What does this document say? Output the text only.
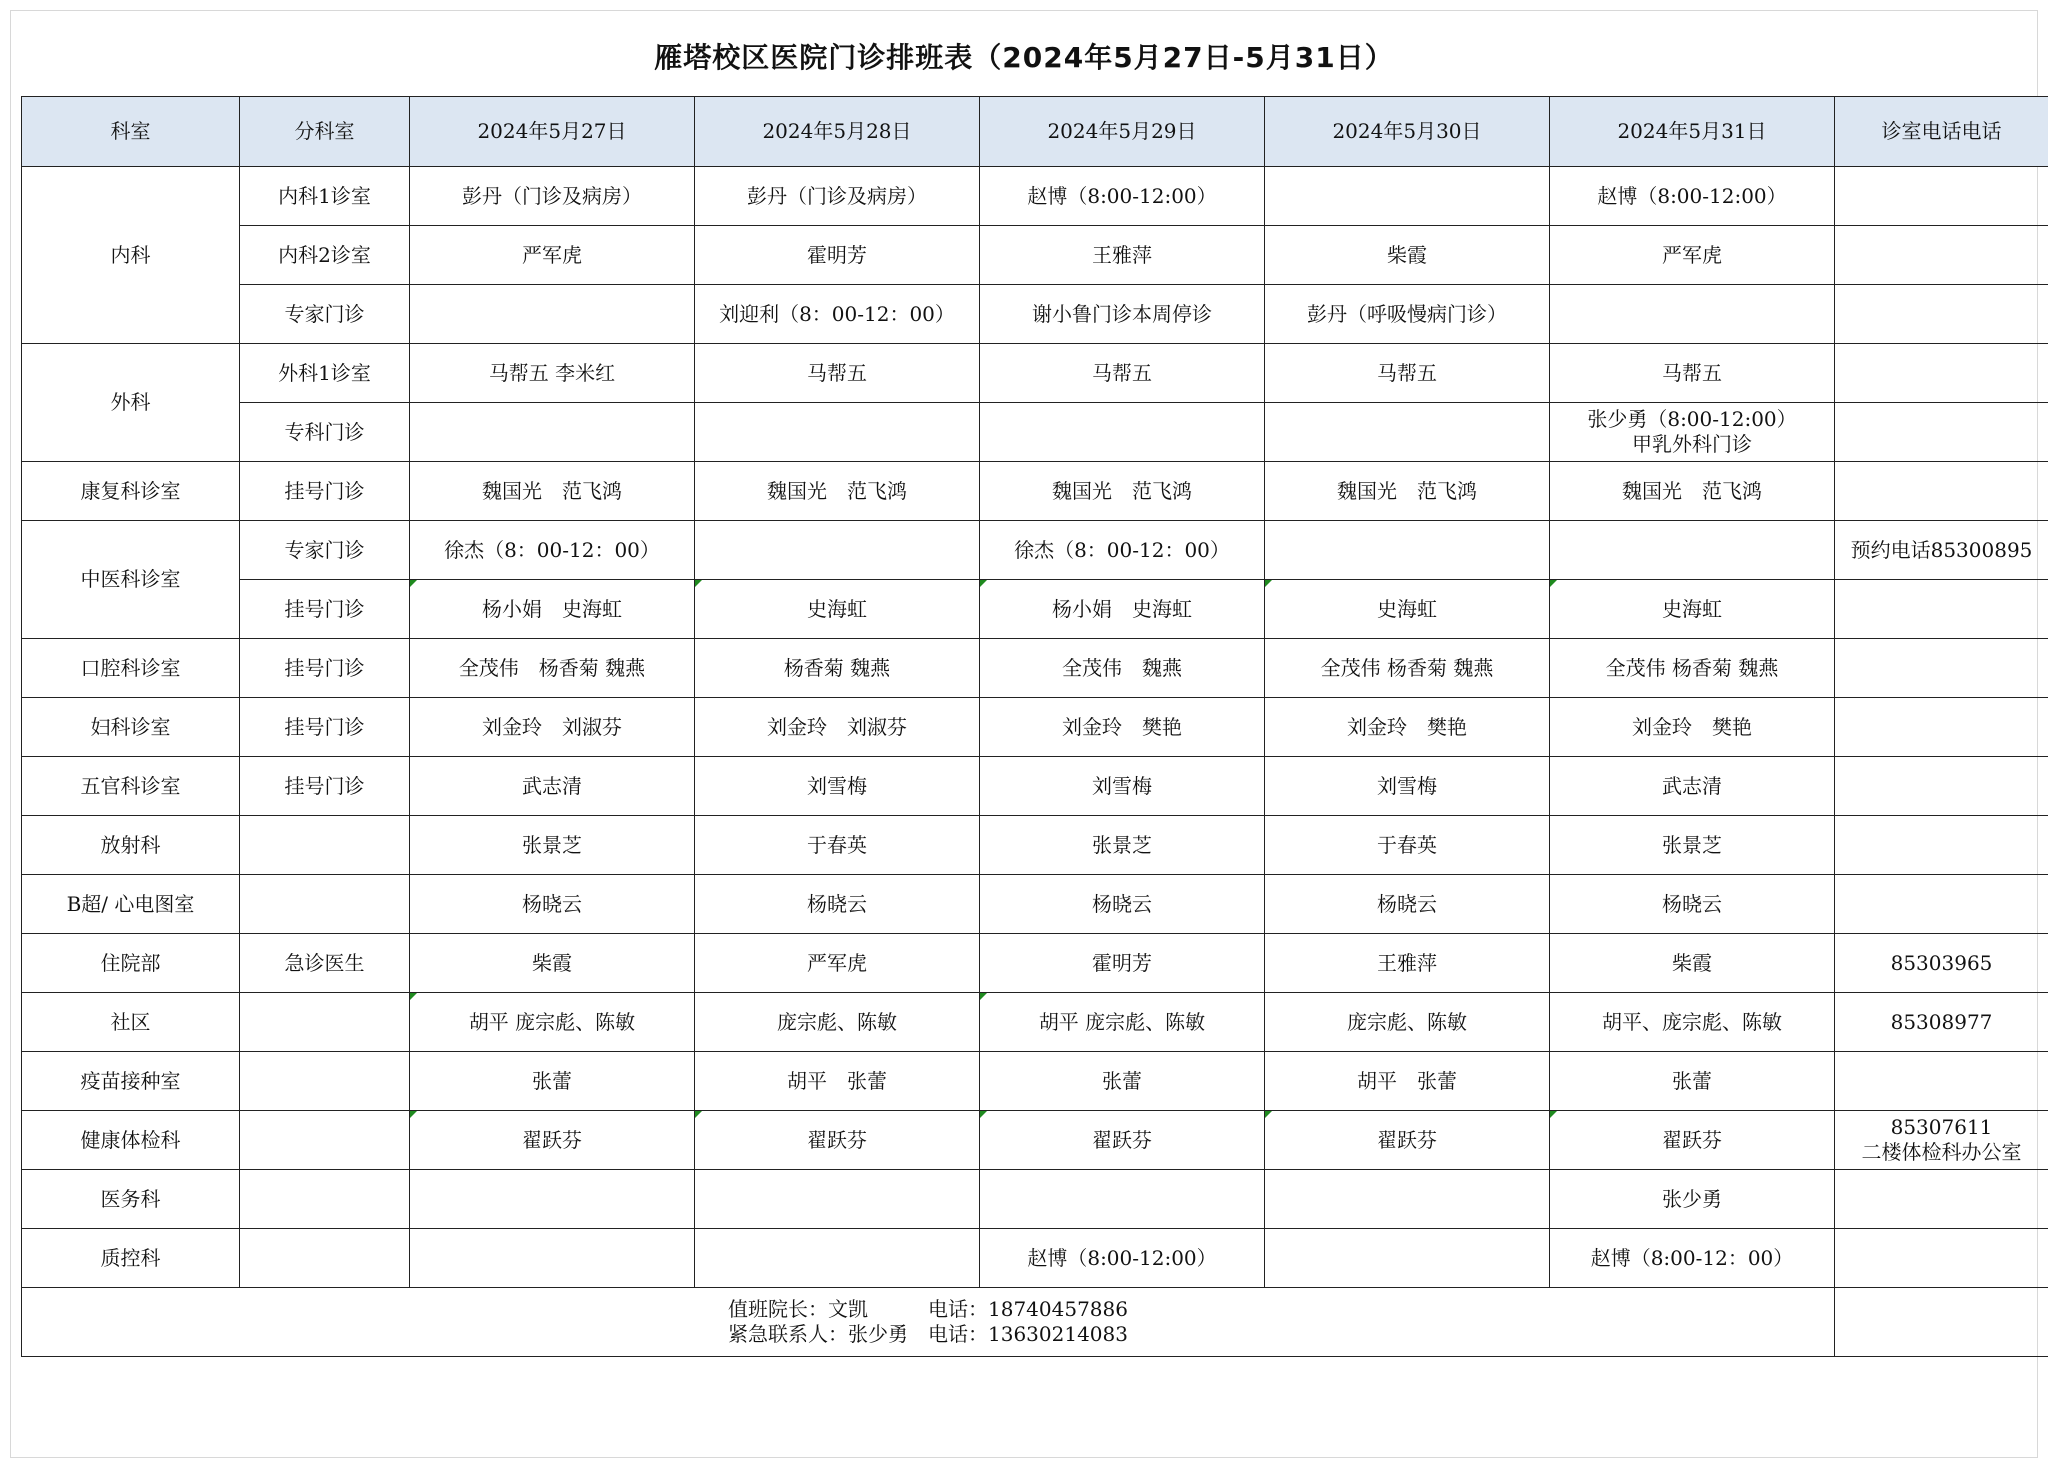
雁塔校区医院门诊排班表（2024年5月27日-5月31日）
科室	分科室	2024年5月27日	2024年5月28日	2024年5月29日	2024年5月30日	2024年5月31日	诊室电话电话
内科	内科1诊室	彭丹（门诊及病房）	彭丹（门诊及病房）	赵博（8:00-12:00）		赵博（8:00-12:00）	
	内科2诊室	严军虎	霍明芳	王雅萍	柴霞	严军虎	
	专家门诊		刘迎利（8：00-12：00）	谢小鲁门诊本周停诊	彭丹（呼吸慢病门诊）		
外科	外科1诊室	马帮五 李米红	马帮五	马帮五	马帮五	马帮五	
	专科门诊					张少勇（8:00-12:00）
甲乳外科门诊	

康复科诊室	挂号门诊	魏国光　范飞鸿	魏国光　范飞鸿	魏国光　范飞鸿	魏国光　范飞鸿	魏国光　范飞鸿	
中医科诊室	专家门诊	徐杰（8：00-12：00）		徐杰（8：00-12：00）			预约电话85300895
	挂号门诊	杨小娟　史海虹	史海虹	杨小娟　史海虹	史海虹	史海虹	
口腔科诊室	挂号门诊	全茂伟　杨香菊 魏燕	杨香菊 魏燕	全茂伟　魏燕	全茂伟 杨香菊 魏燕	全茂伟 杨香菊 魏燕	
妇科诊室	挂号门诊	刘金玲　刘淑芬	刘金玲　刘淑芬	刘金玲　樊艳	刘金玲　樊艳	刘金玲　樊艳	
五官科诊室	挂号门诊	武志清	刘雪梅	刘雪梅	刘雪梅	武志清	
放射科		张景芝	于春英	张景芝	于春英	张景芝	
B超/ 心电图室		杨晓云	杨晓云	杨晓云	杨晓云	杨晓云	
住院部	急诊医生	柴霞	严军虎	霍明芳	王雅萍	柴霞	85303965
社区		胡平 庞宗彪、陈敏	庞宗彪、陈敏	胡平 庞宗彪、陈敏	庞宗彪、陈敏	胡平、庞宗彪、陈敏	85308977
疫苗接种室		张蕾	胡平　张蕾	张蕾	胡平　张蕾	张蕾	
健康体检科		翟跃芬	翟跃芬	翟跃芬	翟跃芬	翟跃芬	85307611
二楼体检科办公室

医务科						张少勇	
质控科				赵博（8:00-12:00）		赵博（8:00-12：00）	

值班院长：文凯　　　电话：18740457886
紧急联系人：张少勇　电话：13630214083							
